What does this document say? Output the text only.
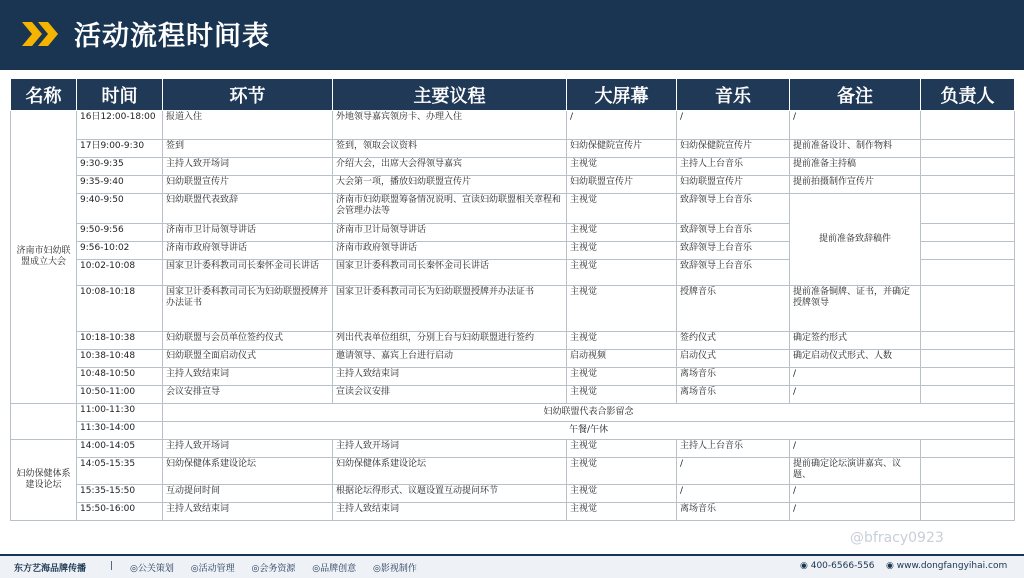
活动流程时间表
名称	时间	环节	主要议程	大屏幕	音乐	备注	负责人
济南市妇幼联盟成立大会	16日12:00-18:00	报道入住	外地领导嘉宾领房卡、办理入住	/	/	/	
	17日9:00-9:30	签到	签到，领取会议资料	妇幼保健院宣传片	妇幼保健院宣传片	提前准备设计、制作物料	
	9:30-9:35	主持人致开场词	介绍大会，出席大会得领导嘉宾	主视觉	主持人上台音乐	提前准备主持稿	
	9:35-9:40	妇幼联盟宣传片	大会第一项，播放妇幼联盟宣传片	妇幼联盟宣传片	妇幼联盟宣传片	提前拍摄制作宣传片	
	9:40-9:50	妇幼联盟代表致辞	济南市妇幼联盟筹备情况说明、宣读妇幼联盟相关章程和会管理办法等	主视觉	致辞领导上台音乐	提前准备致辞稿件	
	9:50-9:56	济南市卫计局领导讲话	济南市卫计局领导讲话	主视觉	致辞领导上台音乐		
	9:56-10:02	济南市政府领导讲话	济南市政府领导讲话	主视觉	致辞领导上台音乐		
	10:02-10:08	国家卫计委科教司司长秦怀金司长讲话	国家卫计委科教司司长秦怀金司长讲话	主视觉	致辞领导上台音乐		
	10:08-10:18	国家卫计委科教司司长为妇幼联盟授牌并办法证书	国家卫计委科教司司长为妇幼联盟授牌并办法证书	主视觉	授牌音乐	提前准备铜牌、证书，并确定授牌领导	
	10:18-10:38	妇幼联盟与会员单位签约仪式	列出代表单位组织，分别上台与妇幼联盟进行签约	主视觉	签约仪式	确定签约形式	
	10:38-10:48	妇幼联盟全面启动仪式	邀请领导、嘉宾上台进行启动	启动视频	启动仪式	确定启动仪式形式、人数	
	10:48-10:50	主持人致结束词	主持人致结束词	主视觉	离场音乐	/	
	10:50-11:00	会议安排宣导	宣读会议安排	主视觉	离场音乐	/	
	11:00-11:30	妇幼联盟代表合影留念					
	11:30-14:00	午餐/午休					
妇幼保健体系建设论坛	14:00-14:05	主持人致开场词	主持人致开场词	主视觉	主持人上台音乐	/	
	14:05-15:35	妇幼保健体系建设论坛	妇幼保健体系建设论坛	主视觉	/	提前确定论坛演讲嘉宾、议题、	
	15:35-15:50	互动提问时间	根据论坛得形式、议题设置互动提问环节	主视觉	/	/	
	15:50-16:00	主持人致结束词	主持人致结束词	主视觉	离场音乐	/	
@bfracy0923
东方艺海品牌传播	| ◎公关策划 ◎活动管理 ◎会务资源 ◎品牌创意 ◎影视制作	◉ 400-6566-556 ◉ www.dongfangyihai.com
